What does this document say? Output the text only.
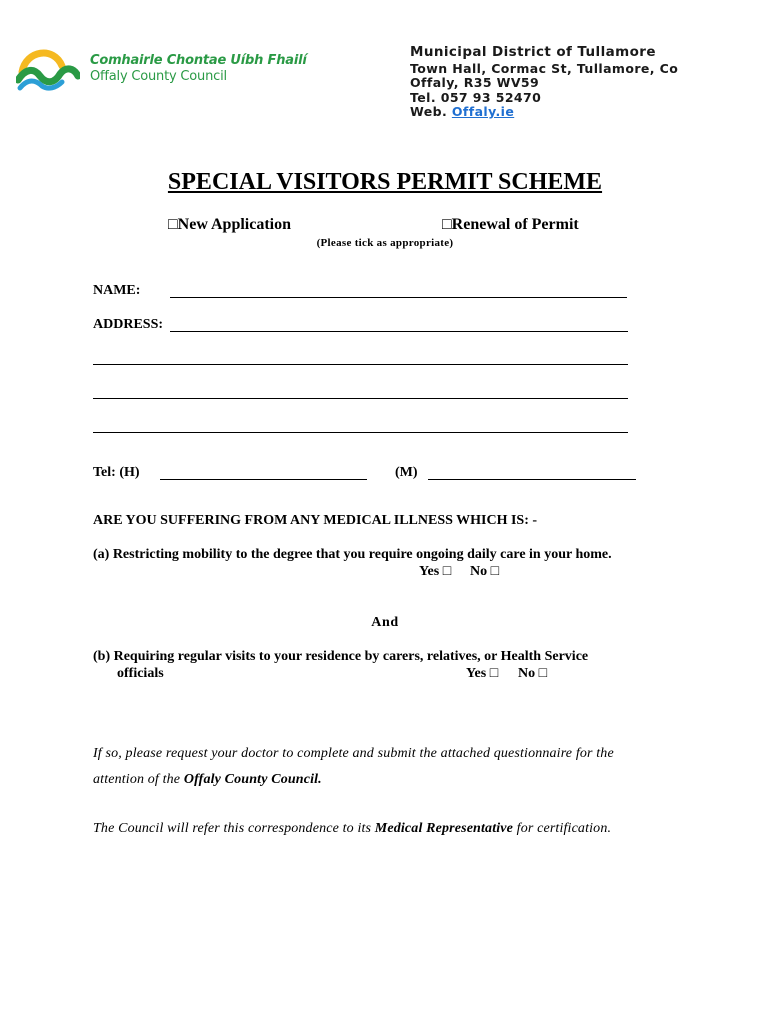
Comhairle Chontae Uíbh Fhailí
Offaly County Council
Municipal District of Tullamore
Town Hall, Cormac St, Tullamore, Co
Offaly, R35 WV59
Tel. 057 93 52470
Web. Offaly.ie
SPECIAL VISITORS PERMIT SCHEME
□New Application	□Renewal of Permit
(Please tick as appropriate)
NAME:
ADDRESS:
Tel: (H)	(M)
ARE YOU SUFFERING FROM ANY MEDICAL ILLNESS WHICH IS: -
(a) Restricting mobility to the degree that you require ongoing daily care in your home.
Yes □ No □
And
(b) Requiring regular visits to your residence by carers, relatives, or Health Service
officials	Yes □ No □
If so, please request your doctor to complete and submit the attached questionnaire for the
attention of the Offaly County Council.
The Council will refer this correspondence to its Medical Representative for certification.
